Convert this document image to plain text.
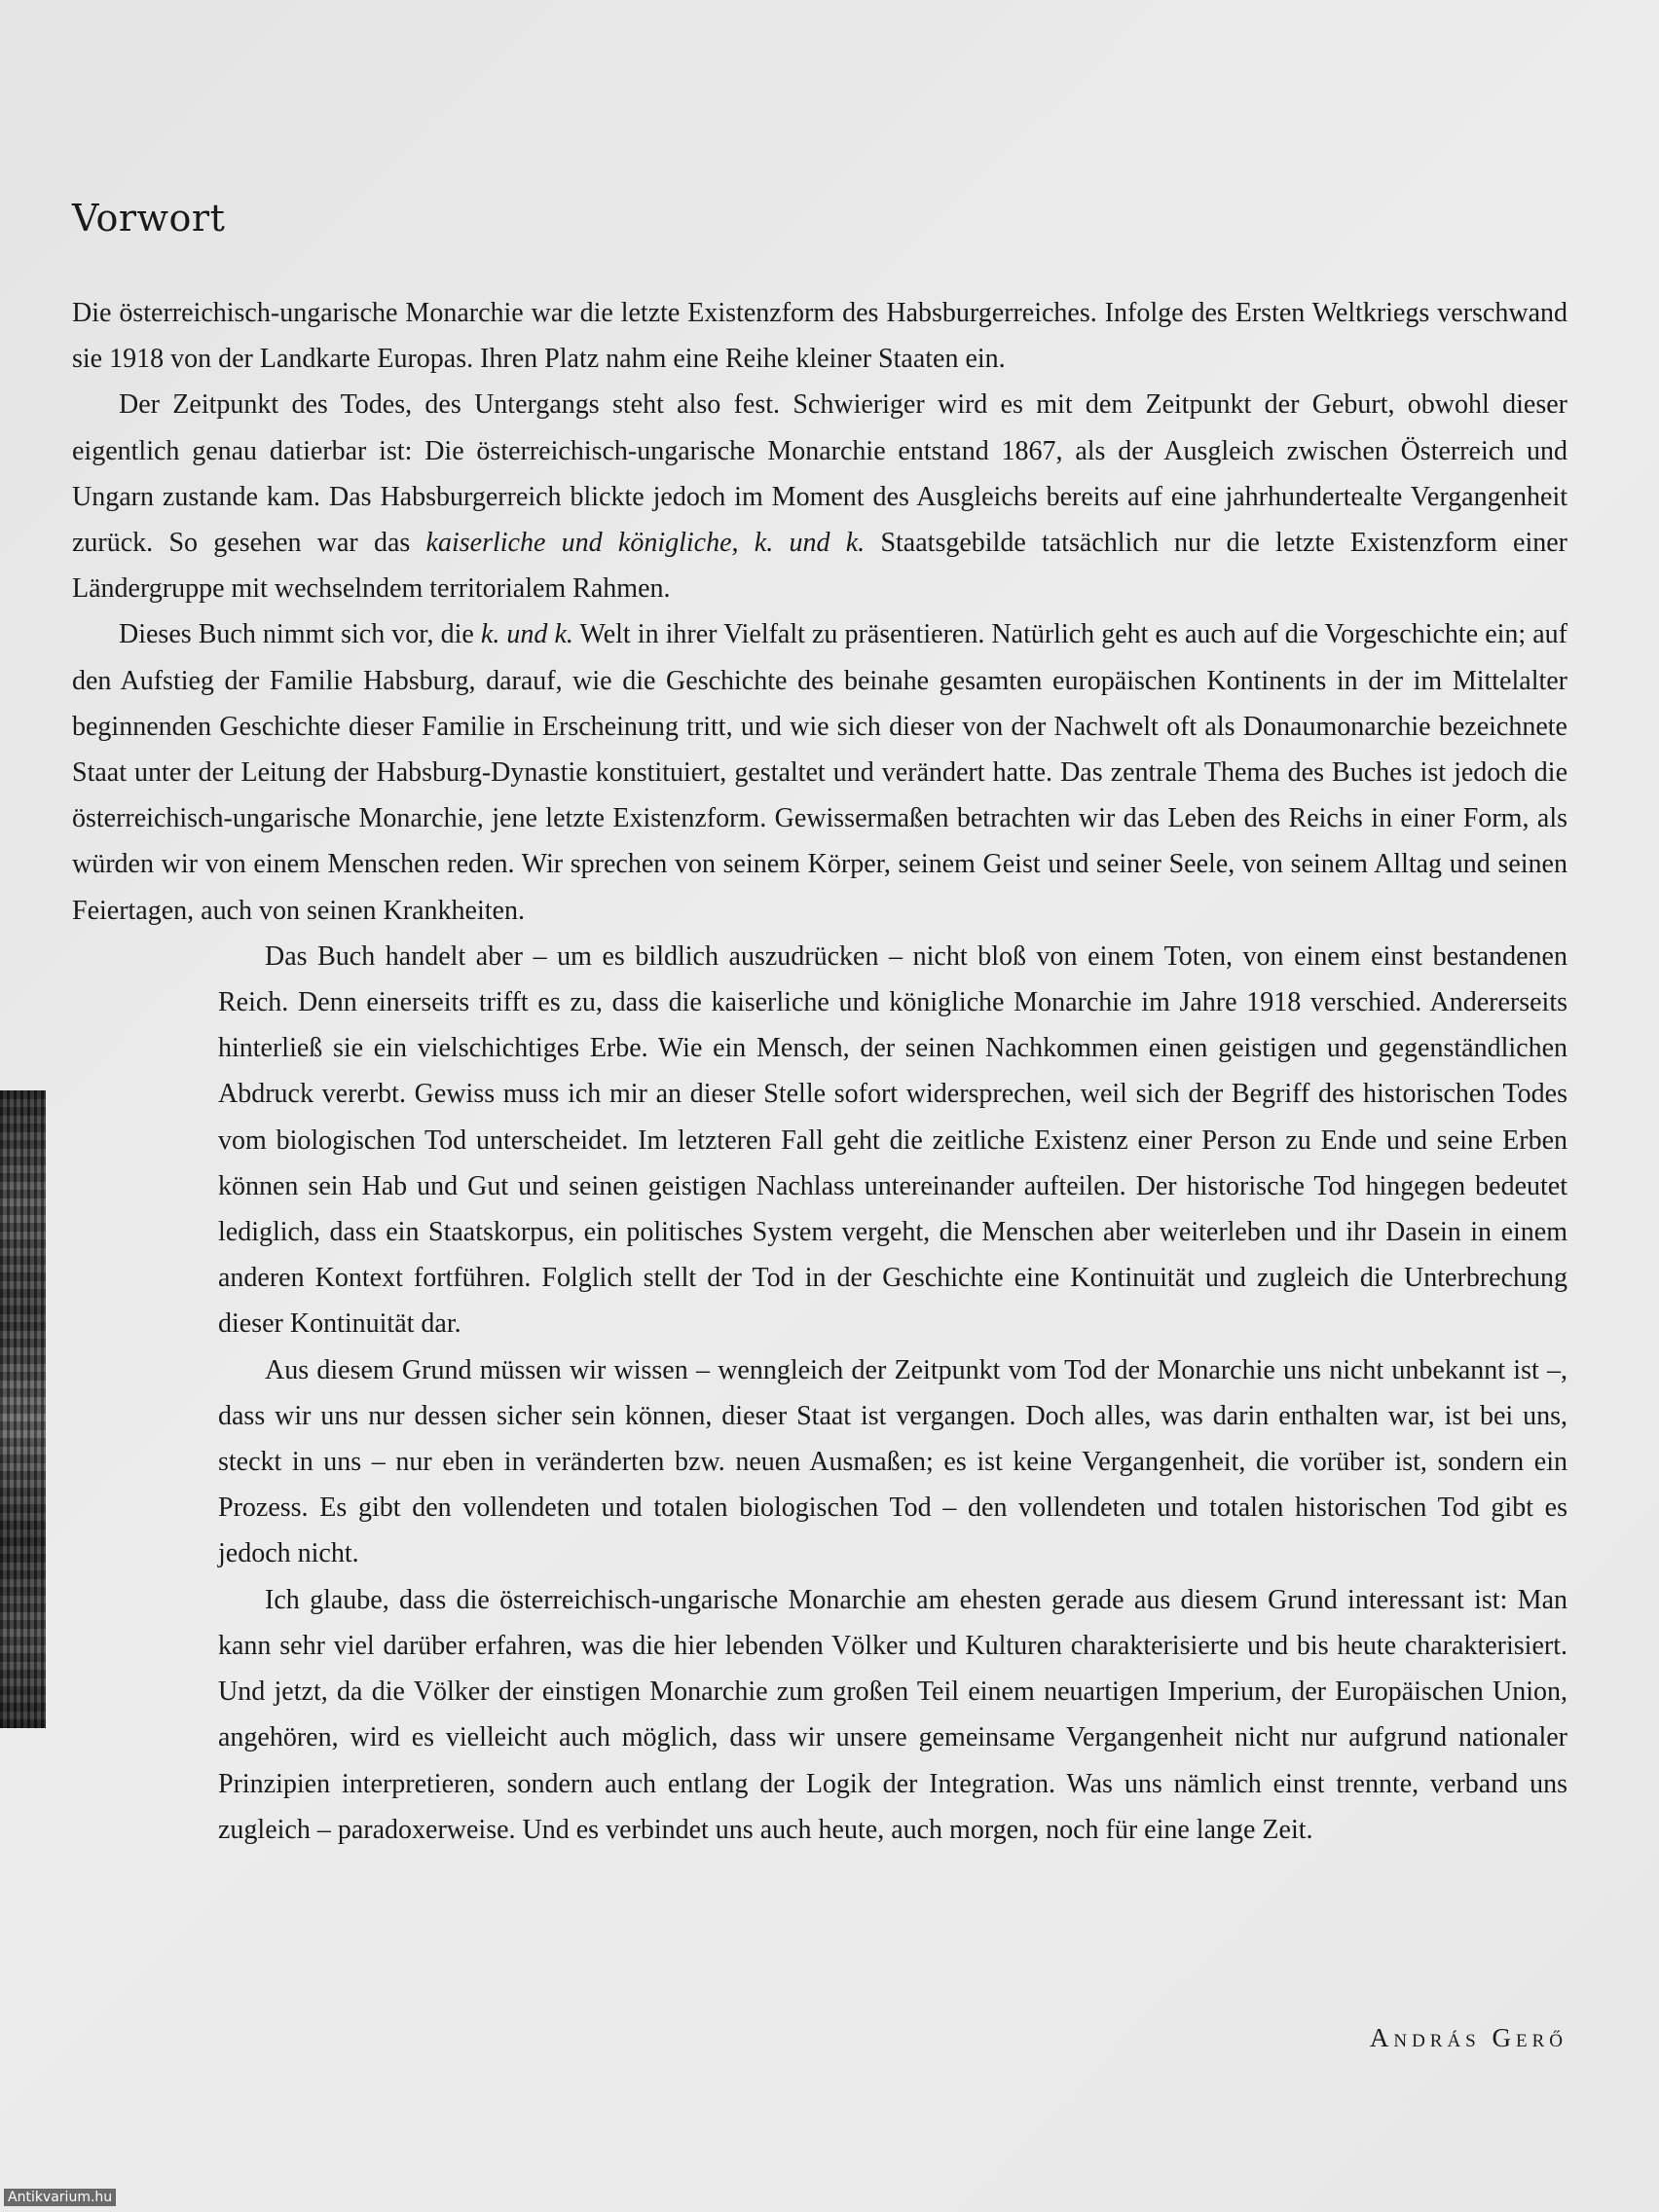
Vorwort

Die österreichisch-ungarische Monarchie war die letzte Existenzform des Habsburgerreiches. Infolge des Ersten Weltkriegs verschwand sie 1918 von der Landkarte Europas. Ihren Platz nahm eine Reihe kleiner Staaten ein.

Der Zeitpunkt des Todes, des Untergangs steht also fest. Schwieriger wird es mit dem Zeitpunkt der Geburt, obwohl dieser eigentlich genau datierbar ist: Die österreichisch-ungarische Monarchie entstand 1867, als der Ausgleich zwischen Österreich und Ungarn zustande kam. Das Habsburgerreich blickte jedoch im Moment des Ausgleichs bereits auf eine jahrhundertealte Vergangenheit zurück. So gesehen war das kaiserliche und königliche, k. und k. Staatsgebilde tatsächlich nur die letzte Existenzform einer Ländergruppe mit wechselndem territorialem Rahmen.

Dieses Buch nimmt sich vor, die k. und k. Welt in ihrer Vielfalt zu präsentieren. Natürlich geht es auch auf die Vorgeschichte ein; auf den Aufstieg der Familie Habsburg, darauf, wie die Geschichte des beinahe gesamten europäischen Kontinents in der im Mittelalter beginnenden Geschichte dieser Familie in Erscheinung tritt, und wie sich dieser von der Nachwelt oft als Donaumonarchie bezeichnete Staat unter der Leitung der Habsburg-Dynastie konstituiert, gestaltet und verändert hatte. Das zentrale Thema des Buches ist jedoch die österreichisch-ungarische Monarchie, jene letzte Existenzform. Gewissermaßen betrachten wir das Leben des Reichs in einer Form, als würden wir von einem Menschen reden. Wir sprechen von seinem Körper, seinem Geist und seiner Seele, von seinem Alltag und seinen Feiertagen, auch von seinen Krankheiten.

Das Buch handelt aber – um es bildlich auszudrücken – nicht bloß von einem Toten, von einem einst bestandenen Reich. Denn einerseits trifft es zu, dass die kaiserliche und königliche Monarchie im Jahre 1918 verschied. Andererseits hinterließ sie ein vielschichtiges Erbe. Wie ein Mensch, der seinen Nachkommen einen geistigen und gegenständlichen Abdruck vererbt. Gewiss muss ich mir an dieser Stelle sofort widersprechen, weil sich der Begriff des historischen Todes vom biologischen Tod unterscheidet. Im letzteren Fall geht die zeitliche Existenz einer Person zu Ende und seine Erben können sein Hab und Gut und seinen geistigen Nachlass untereinander aufteilen. Der historische Tod hingegen bedeutet lediglich, dass ein Staatskorpus, ein politisches System vergeht, die Menschen aber weiterleben und ihr Dasein in einem anderen Kontext fortführen. Folglich stellt der Tod in der Geschichte eine Kontinuität und zugleich die Unterbrechung dieser Kontinuität dar.

Aus diesem Grund müssen wir wissen – wenngleich der Zeitpunkt vom Tod der Monarchie uns nicht unbekannt ist –, dass wir uns nur dessen sicher sein können, dieser Staat ist vergangen. Doch alles, was darin enthalten war, ist bei uns, steckt in uns – nur eben in veränderten bzw. neuen Ausmaßen; es ist keine Vergangenheit, die vorüber ist, sondern ein Prozess. Es gibt den vollendeten und totalen biologischen Tod – den vollendeten und totalen historischen Tod gibt es jedoch nicht.

Ich glaube, dass die österreichisch-ungarische Monarchie am ehesten gerade aus diesem Grund interessant ist: Man kann sehr viel darüber erfahren, was die hier lebenden Völker und Kulturen charakterisierte und bis heute charakterisiert. Und jetzt, da die Völker der einstigen Monarchie zum großen Teil einem neuartigen Imperium, der Europäischen Union, angehören, wird es vielleicht auch möglich, dass wir unsere gemeinsame Vergangenheit nicht nur aufgrund nationaler Prinzipien interpretieren, sondern auch entlang der Logik der Integration. Was uns nämlich einst trennte, verband uns zugleich – paradoxerweise. Und es verbindet uns auch heute, auch morgen, noch für eine lange Zeit.

András Gerő
Antikvarium.hu
